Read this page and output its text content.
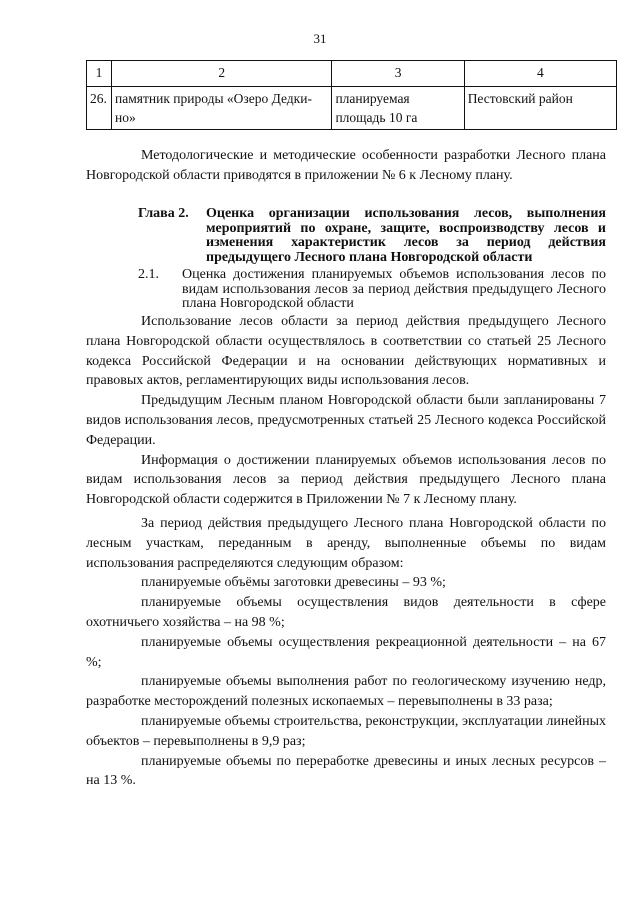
31
1	2	3	4
26.	памятник природы «Озеро Дедки-но»	планируемая площадь 10 га	Пестовский район

Методологические и методические особенности разработки Лесного плана Новгородской области приводятся в приложении № 6 к Лесному плану.

Глава 2. Оценка организации использования лесов, выполнения мероприятий по охране, защите, воспроизводству лесов и изменения характеристик лесов за период действия предыдущего Лесного плана Новгородской области
2.1. Оценка достижения планируемых объемов использования лесов по видам использования лесов за период действия предыдущего Лесного плана Новгородской области

Использование лесов области за период действия предыдущего Лесного плана Новгородской области осуществлялось в соответствии со статьей 25 Лесного кодекса Российской Федерации и на основании действующих нормативных и правовых актов, регламентирующих виды использования лесов.

Предыдущим Лесным планом Новгородской области были запланированы 7 видов использования лесов, предусмотренных статьей 25 Лесного кодекса Российской Федерации.

Информация о достижении планируемых объемов использования лесов по видам использования лесов за период действия предыдущего Лесного плана Новгородской области содержится в Приложении № 7 к Лесному плану.

За период действия предыдущего Лесного плана Новгородской области по лесным участкам, переданным в аренду, выполненные объемы по видам использования распределяются следующим образом:

планируемые объёмы заготовки древесины – 93 %;

планируемые объемы осуществления видов деятельности в сфере охотничьего хозяйства – на 98 %;

планируемые объемы осуществления рекреационной деятельности – на 67 %;

планируемые объемы выполнения работ по геологическому изучению недр, разработке месторождений полезных ископаемых – перевыполнены в 33 раза;

планируемые объемы строительства, реконструкции, эксплуатации линейных объектов – перевыполнены в 9,9 раз;

планируемые объемы по переработке древесины и иных лесных ресурсов – на 13 %.
